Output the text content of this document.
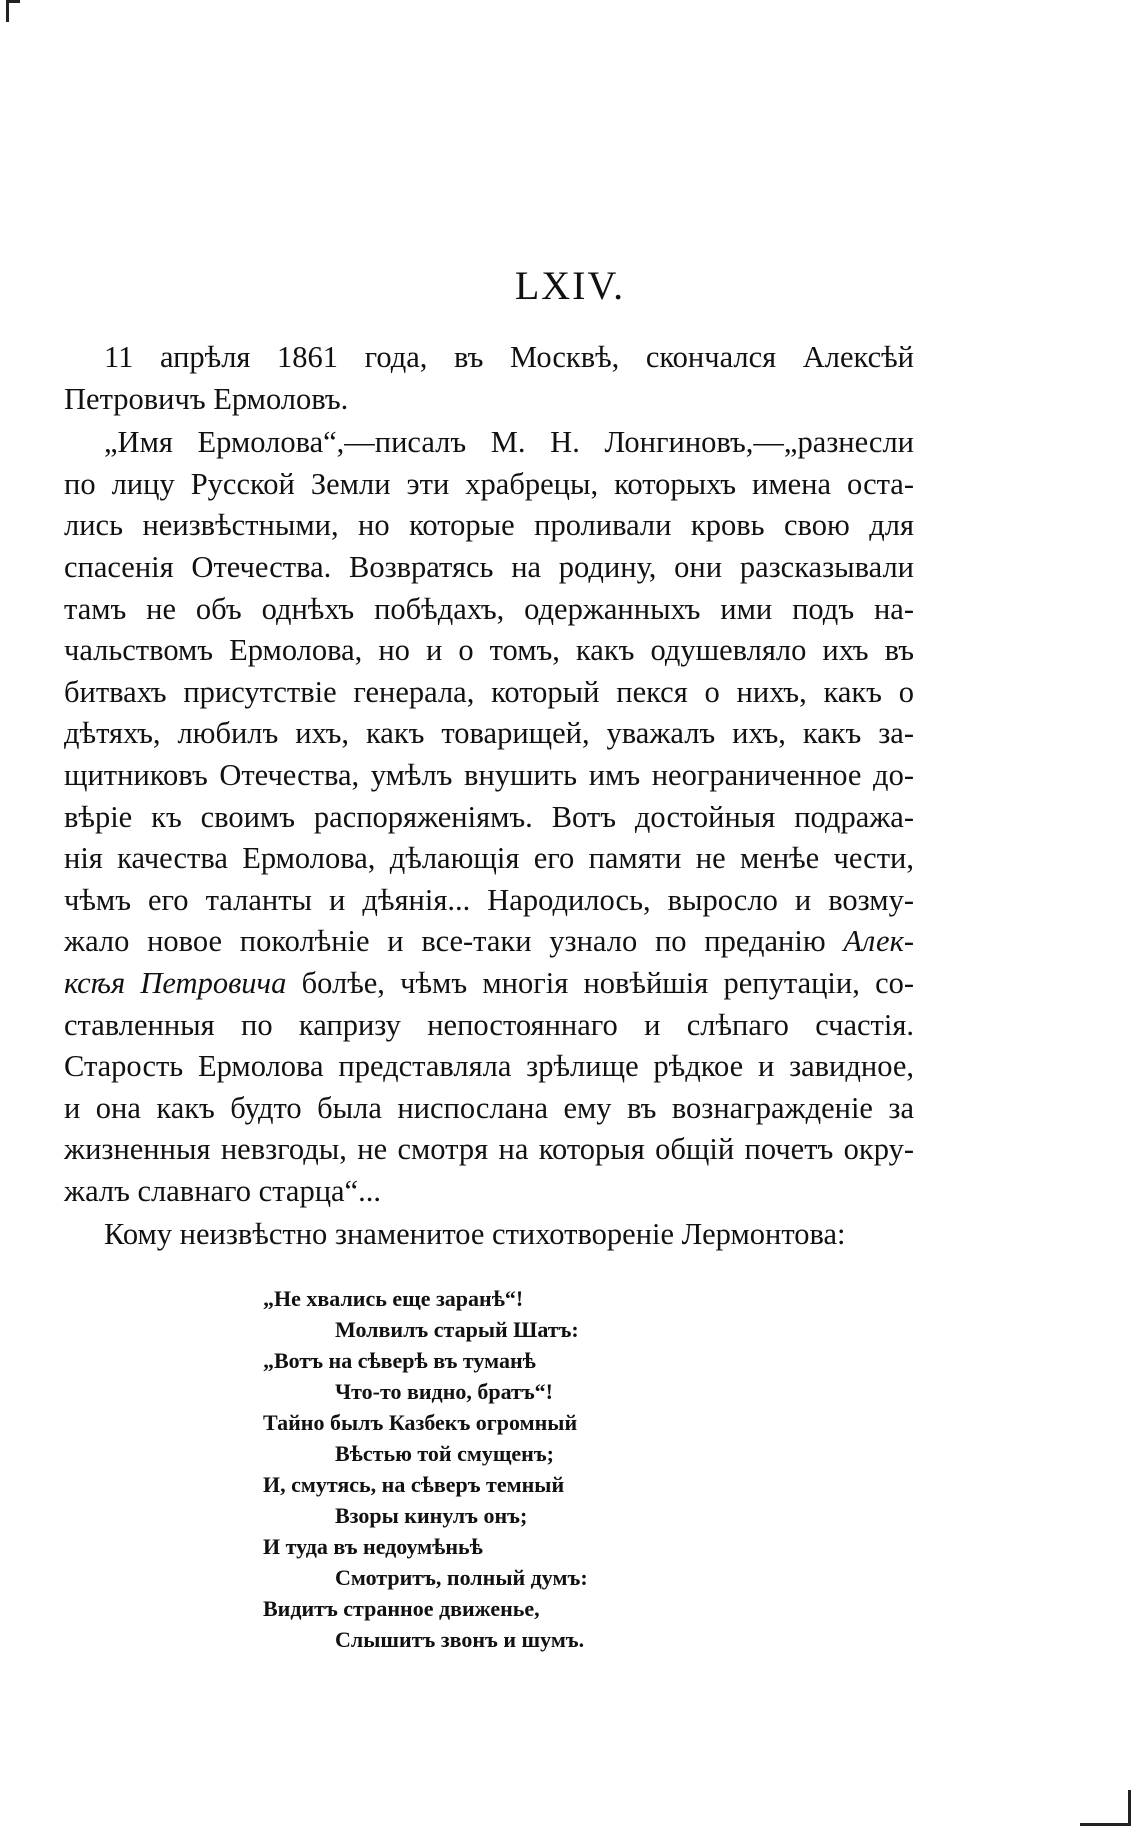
LXIV.
11 апрѣля 1861 года, въ Москвѣ, скончался Алексѣй
Петровичъ Ермоловъ.
„Имя Ермолова“,—писалъ М. Н. Лонгиновъ,—„разнесли
по лицу Русской Земли эти храбрецы, которыхъ имена оста-
лись неизвѣстными, но которые проливали кровь свою для
спасенія Отечества. Возвратясь на родину, они разсказывали
тамъ не объ однѣхъ побѣдахъ, одержанныхъ ими подъ на-
чальствомъ Ермолова, но и о томъ, какъ одушевляло ихъ въ
битвахъ присутствіе генерала, который пекся о нихъ, какъ о
дѣтяхъ, любилъ ихъ, какъ товарищей, уважалъ ихъ, какъ за-
щитниковъ Отечества, умѣлъ внушить имъ неограниченное до-
вѣріе къ своимъ распоряженіямъ. Вотъ достойныя подража-
нія качества Ермолова, дѣлающія его памяти не менѣе чести,
чѣмъ его таланты и дѣянія... Народилось, выросло и возму-
жало новое поколѣніе и все-таки узнало по преданію Алек-
ксѣя Петровича болѣе, чѣмъ многія новѣйшія репутаціи, со-
ставленныя по капризу непостояннаго и слѣпаго счастія.
Старость Ермолова представляла зрѣлище рѣдкое и завидное,
и она какъ будто была ниспослана ему въ вознагражденіе за
жизненныя невзгоды, не смотря на которыя общій почетъ окру-
жалъ славнаго старца“...
Кому неизвѣстно знаменитое стихотвореніе Лермонтова:
„Не хвались еще заранѣ“!
Молвилъ старый Шатъ:
„Вотъ на сѣверѣ въ туманѣ
Что-то видно, братъ“!
Тайно былъ Казбекъ огромный
Вѣстью той смущенъ;
И, смутясь, на сѣверъ темный
Взоры кинулъ онъ;
И туда въ недоумѣньѣ
Смотритъ, полный думъ:
Видитъ странное движенье,
Слышитъ звонъ и шумъ.
